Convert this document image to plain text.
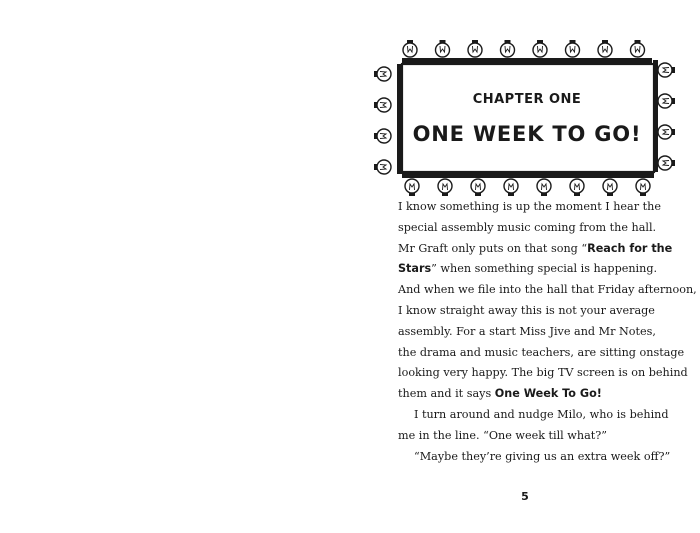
CHAPTER ONE
ONE WEEK TO GO!
I know something is up the moment I hear the
special assembly music coming from the hall.
Mr Graft only puts on that song “Reach for the
Stars” when something special is happening.
And when we file into the hall that Friday afternoon,
I know straight away this is not your average
assembly. For a start Miss Jive and Mr Notes,
the drama and music teachers, are sitting onstage
looking very happy. The big TV screen is on behind
them and it says One Week To Go!
I turn around and nudge Milo, who is behind
me in the line. “One week till what?”
“Maybe they’re giving us an extra week off?”
5
